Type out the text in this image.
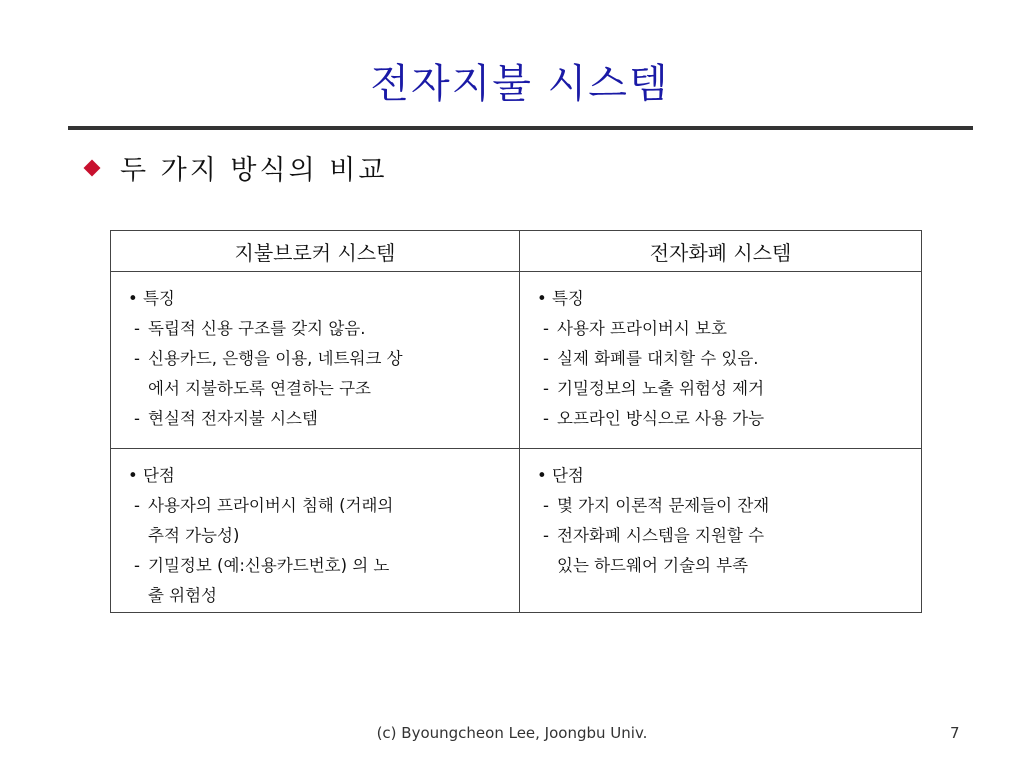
전자지불 시스템
두 가지 방식의 비교
지불브로커 시스템	전자화폐 시스템
• 특징
- 독립적 신용 구조를 갖지 않음.
- 신용카드, 은행을 이용, 네트워크 상
에서 지불하도록 연결하는 구조
- 현실적 전자지불 시스템
• 특징
- 사용자 프라이버시 보호
- 실제 화폐를 대치할 수 있음.
- 기밀정보의 노출 위험성 제거
- 오프라인 방식으로 사용 가능
• 단점
- 사용자의 프라이버시 침해 (거래의
추적 가능성)
- 기밀정보 (예:신용카드번호) 의 노
출 위험성
• 단점
- 몇 가지 이론적 문제들이 잔재
- 전자화폐 시스템을 지원할 수
있는 하드웨어 기술의 부족
(c) Byoungcheon Lee, Joongbu Univ.	7
